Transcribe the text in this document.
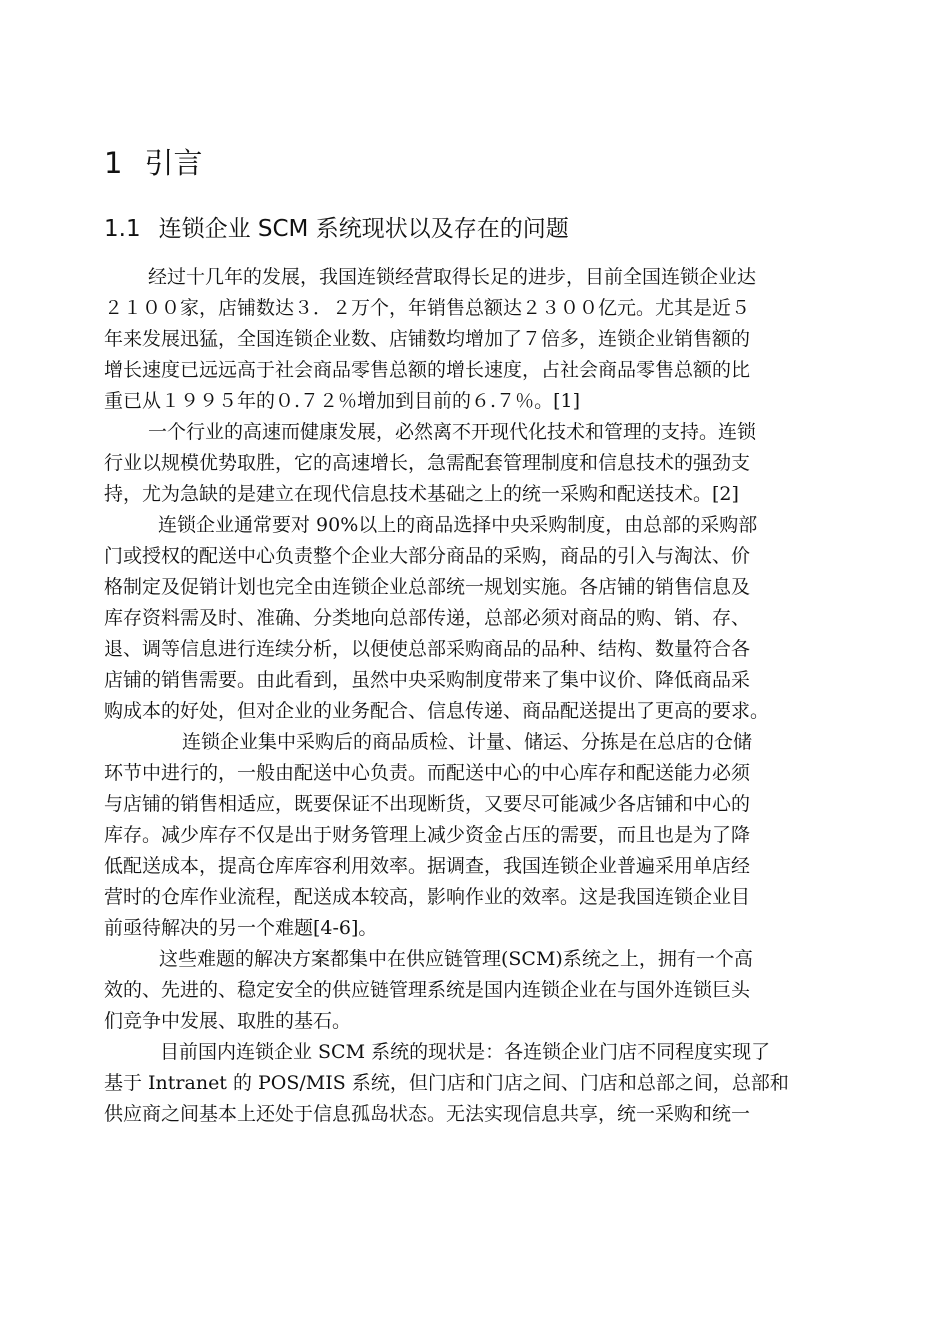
1 引言
1.1 连锁企业 SCM 系统现状以及存在的问题
经过十几年的发展，我国连锁经营取得长足的进步，目前全国连锁企业达
２１００家，店铺数达３．２万个，年销售总额达２３００亿元。尤其是近５
年来发展迅猛，全国连锁企业数、店铺数均增加了７倍多，连锁企业销售额的
增长速度已远远高于社会商品零售总额的增长速度，占社会商品零售总额的比
重已从１９９５年的０.７２％增加到目前的６.７％。[1]
一个行业的高速而健康发展，必然离不开现代化技术和管理的支持。连锁
行业以规模优势取胜，它的高速增长，急需配套管理制度和信息技术的强劲支
持，尤为急缺的是建立在现代信息技术基础之上的统一采购和配送技术。[2]
连锁企业通常要对 90%以上的商品选择中央采购制度，由总部的采购部
门或授权的配送中心负责整个企业大部分商品的采购，商品的引入与淘汰、价
格制定及促销计划也完全由连锁企业总部统一规划实施。各店铺的销售信息及
库存资料需及时、准确、分类地向总部传递，总部必须对商品的购、销、存、
退、调等信息进行连续分析，以便使总部采购商品的品种、结构、数量符合各
店铺的销售需要。由此看到，虽然中央采购制度带来了集中议价、降低商品采
购成本的好处，但对企业的业务配合、信息传递、商品配送提出了更高的要求。
连锁企业集中采购后的商品质检、计量、储运、分拣是在总店的仓储
环节中进行的，一般由配送中心负责。而配送中心的中心库存和配送能力必须
与店铺的销售相适应，既要保证不出现断货，又要尽可能减少各店铺和中心的
库存。减少库存不仅是出于财务管理上减少资金占压的需要，而且也是为了降
低配送成本，提高仓库库容利用效率。据调查，我国连锁企业普遍采用单店经
营时的仓库作业流程，配送成本较高，影响作业的效率。这是我国连锁企业目
前亟待解决的另一个难题[4-6]。
这些难题的解决方案都集中在供应链管理(SCM)系统之上，拥有一个高
效的、先进的、稳定安全的供应链管理系统是国内连锁企业在与国外连锁巨头
们竞争中发展、取胜的基石。
目前国内连锁企业 SCM 系统的现状是：各连锁企业门店不同程度实现了
基于 Intranet 的 POS/MIS 系统，但门店和门店之间、门店和总部之间，总部和
供应商之间基本上还处于信息孤岛状态。无法实现信息共享，统一采购和统一
